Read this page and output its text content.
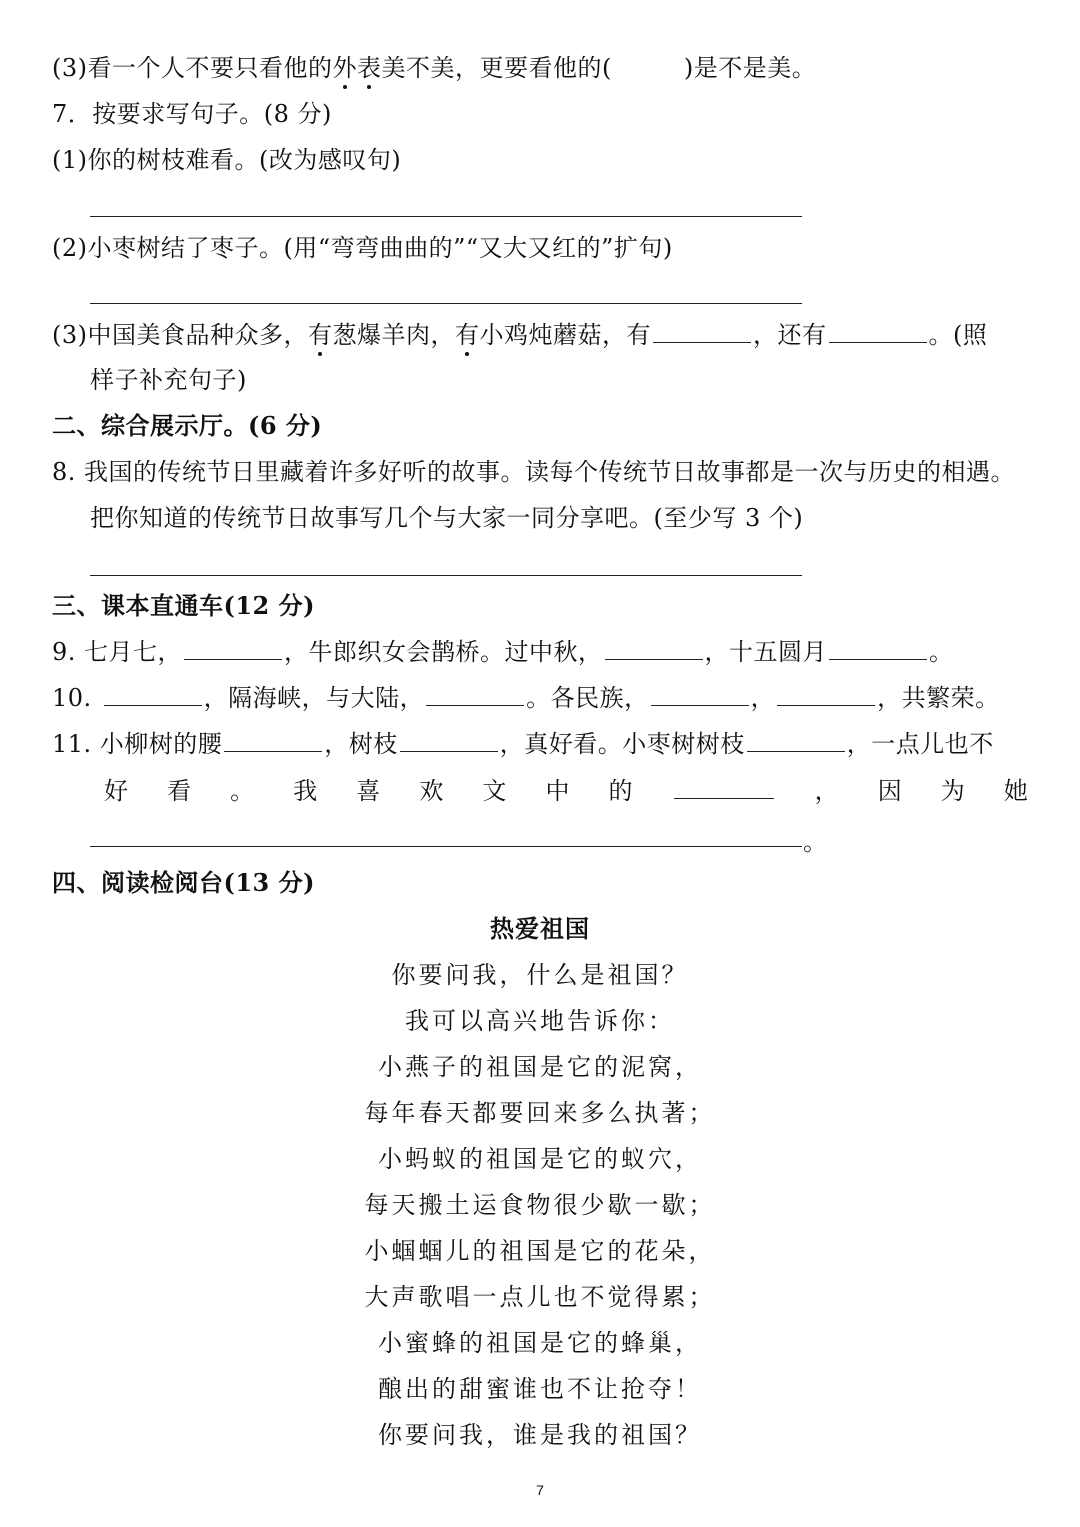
(3)看一个人不要只看他的外表美不美，更要看他的(	)是不是美。
7．按要求写句子。(8 分)
(1)你的树枝难看。(改为感叹句)
(2)小枣树结了枣子。(用“弯弯曲曲的”“又大又红的”扩句)
(3)中国美食品种众多，有葱爆羊肉，有小鸡炖蘑菇，有	，还有	。(照
样子补充句子)
二、综合展示厅。(6 分)
8. 我国的传统节日里藏着许多好听的故事。读每个传统节日故事都是一次与历史的相遇。
把你知道的传统节日故事写几个与大家一同分享吧。(至少写 3 个)
三、课本直通车(12 分)
9. 七月七，	，牛郎织女会鹊桥。过中秋，	，十五圆月	。
10.	，隔海峡，与大陆，	。各民族，	，	，共繁荣。
11. 小柳树的腰	，树枝	，真好看。小枣树树枝	，一点儿也不
好 看 。 我 喜 欢 文 中 的	， 因 为 她
。
四、阅读检阅台(13 分)
热爱祖国
你要问我，什么是祖国？
我可以高兴地告诉你：
小燕子的祖国是它的泥窝，
每年春天都要回来多么执著；
小蚂蚁的祖国是它的蚁穴，
每天搬土运食物很少歇一歇；
小蝈蝈儿的祖国是它的花朵，
大声歌唱一点儿也不觉得累；
小蜜蜂的祖国是它的蜂巢，
酿出的甜蜜谁也不让抢夺！
你要问我，谁是我的祖国？
7
